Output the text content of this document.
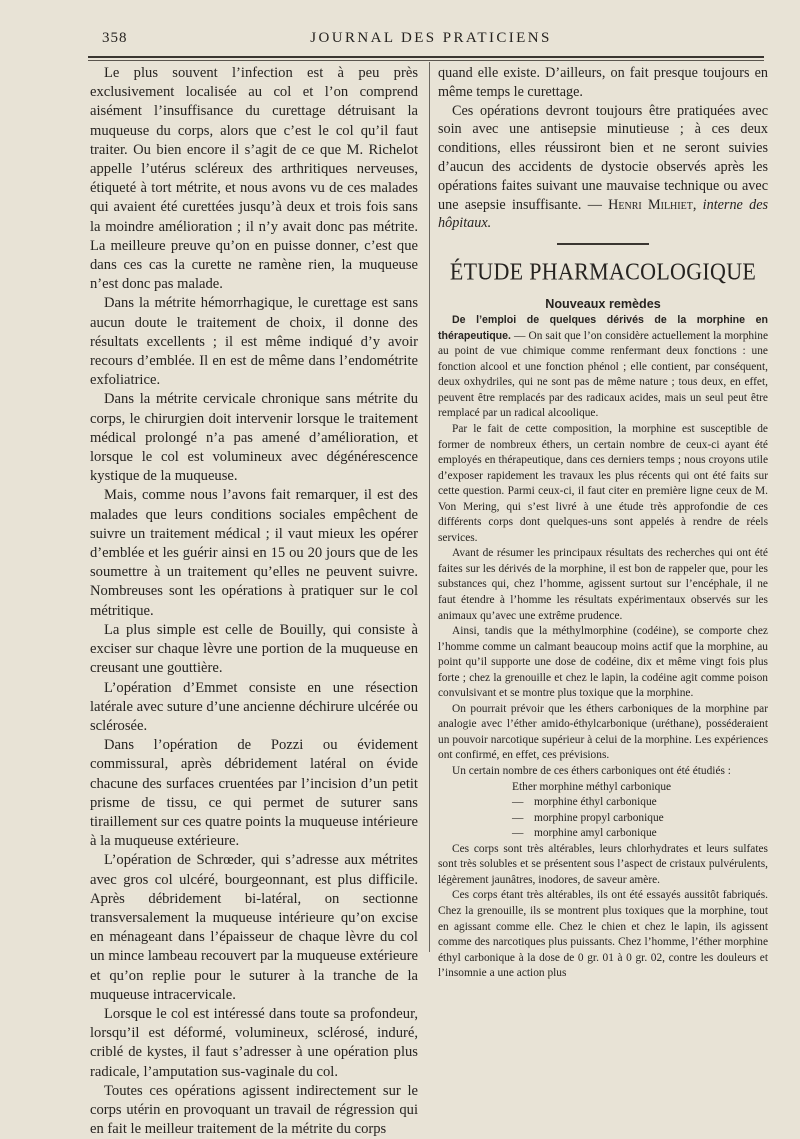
358	JOURNAL DES PRATICIENS

Le plus souvent l’infection est à peu près exclusivement localisée au col et l’on comprend aisément l’insuffisance du curettage détruisant la muqueuse du corps, alors que c’est le col qu’il faut traiter. Ou bien encore il s’agit de ce que M. Richelot appelle l’utérus scléreux des arthritiques nerveuses, étiqueté à tort métrite, et nous avons vu de ces malades qui avaient été curettées jusqu’à deux et trois fois sans la moindre amélioration ; il n’y avait donc pas métrite. La meilleure preuve qu’on en puisse donner, c’est que dans ces cas la curette ne ramène rien, la muqueuse n’est donc pas malade.

Dans la métrite hémorrhagique, le curettage est sans aucun doute le traitement de choix, il donne des résultats excellents ; il est même indiqué d’y avoir recours d’emblée. Il en est de même dans l’endométrite exfoliatrice.

Dans la métrite cervicale chronique sans métrite du corps, le chirurgien doit intervenir lorsque le traitement médical prolongé n’a pas amené d’amélioration, et lorsque le col est volumineux avec dégénérescence kystique de la muqueuse.

Mais, comme nous l’avons fait remarquer, il est des malades que leurs conditions sociales empêchent de suivre un traitement médical ; il vaut mieux les opérer d’emblée et les guérir ainsi en 15 ou 20 jours que de les soumettre à un traitement qu’elles ne peuvent suivre. Nombreuses sont les opérations à pratiquer sur le col métritique.

La plus simple est celle de Bouilly, qui consiste à exciser sur chaque lèvre une portion de la muqueuse en creusant une gouttière.

L’opération d’Emmet consiste en une résection latérale avec suture d’une ancienne déchirure ulcérée ou sclérosée.

Dans l’opération de Pozzi ou évidement commissural, après débridement latéral on évide chacune des surfaces cruentées par l’incision d’un petit prisme de tissu, ce qui permet de suturer sans tiraillement sur ces quatre points la muqueuse intérieure à la muqueuse extérieure.

L’opération de Schrœder, qui s’adresse aux métrites avec gros col ulcéré, bourgeonnant, est plus difficile. Après débridement bi-latéral, on sectionne transversalement la muqueuse intérieure qu’on excise en ménageant dans l’épaisseur de chaque lèvre du col un mince lambeau recouvert par la muqueuse extérieure et qu’on replie pour le suturer à la tranche de la muqueuse intracervicale.

Lorsque le col est intéressé dans toute sa profondeur, lorsqu’il est déformé, volumineux, sclérosé, induré, criblé de kystes, il faut s’adresser à une opération plus radicale, l’amputation sus-vaginale du col.

Toutes ces opérations agissent indirectement sur le corps utérin en provoquant un travail de régression qui en fait le meilleur traitement de la métrite du corps

quand elle existe. D’ailleurs, on fait presque toujours en même temps le curettage.

Ces opérations devront toujours être pratiquées avec soin avec une antisepsie minutieuse ; à ces deux conditions, elles réussiront bien et ne seront suivies d’aucun des accidents de dystocie observés après les opérations faites suivant une mauvaise technique ou avec une asepsie insuffisante. — Henri Milhiet, interne des hôpitaux.

ÉTUDE PHARMACOLOGIQUE
Nouveaux remèdes

De l’emploi de quelques dérivés de la morphine en thérapeutique. — On sait que l’on considère actuellement la morphine au point de vue chimique comme renfermant deux fonctions : une fonction alcool et une fonction phénol ; elle contient, par conséquent, deux oxhydriles, qui ne sont pas de même nature ; tous deux, en effet, peuvent être remplacés par des radicaux acides, mais un seul peut être remplacé par un radical alcoolique.

Par le fait de cette composition, la morphine est susceptible de former de nombreux éthers, un certain nombre de ceux-ci ayant été employés en thérapeutique, dans ces derniers temps ; nous croyons utile d’exposer rapidement les travaux les plus récents qui ont été faits sur cette question. Parmi ceux-ci, il faut citer en première ligne ceux de M. Von Mering, qui s’est livré à une étude très approfondie de ces différents corps dont quelques-uns sont appelés à rendre de réels services.

Avant de résumer les principaux résultats des recherches qui ont été faites sur les dérivés de la morphine, il est bon de rappeler que, pour les substances qui, chez l’homme, agissent surtout sur l’encéphale, il ne faut étendre à l’homme les résultats expérimentaux observés sur les animaux qu’avec une extrême prudence.

Ainsi, tandis que la méthylmorphine (codéine), se comporte chez l’homme comme un calmant beaucoup moins actif que la morphine, au point qu’il supporte une dose de codéine, dix et même vingt fois plus forte ; chez la grenouille et chez le lapin, la codéine agit comme poison convulsivant et se montre plus toxique que la morphine.

On pourrait prévoir que les éthers carboniques de la morphine par analogie avec l’éther amido-éthylcarbonique (uréthane), posséderaient un pouvoir narcotique supérieur à celui de la morphine. Les expériences ont confirmé, en effet, ces prévisions.

Un certain nombre de ces éthers carboniques ont été étudiés :

Ether morphine méthyl carbonique
— morphine éthyl carbonique
— morphine propyl carbonique
— morphine amyl carbonique

Ces corps sont très altérables, leurs chlorhydrates et leurs sulfates sont très solubles et se présentent sous l’aspect de cristaux pulvérulents, légèrement jaunâtres, inodores, de saveur amère.

Ces corps étant très altérables, ils ont été essayés aussitôt fabriqués. Chez la grenouille, ils se montrent plus toxiques que la morphine, tout en agissant comme elle. Chez le chien et chez le lapin, ils agissent comme des narcotiques plus puissants. Chez l’homme, l’éther morphine éthyl carbonique à la dose de 0 gr. 01 à 0 gr. 02, contre les douleurs et l’insomnie a une action plus
